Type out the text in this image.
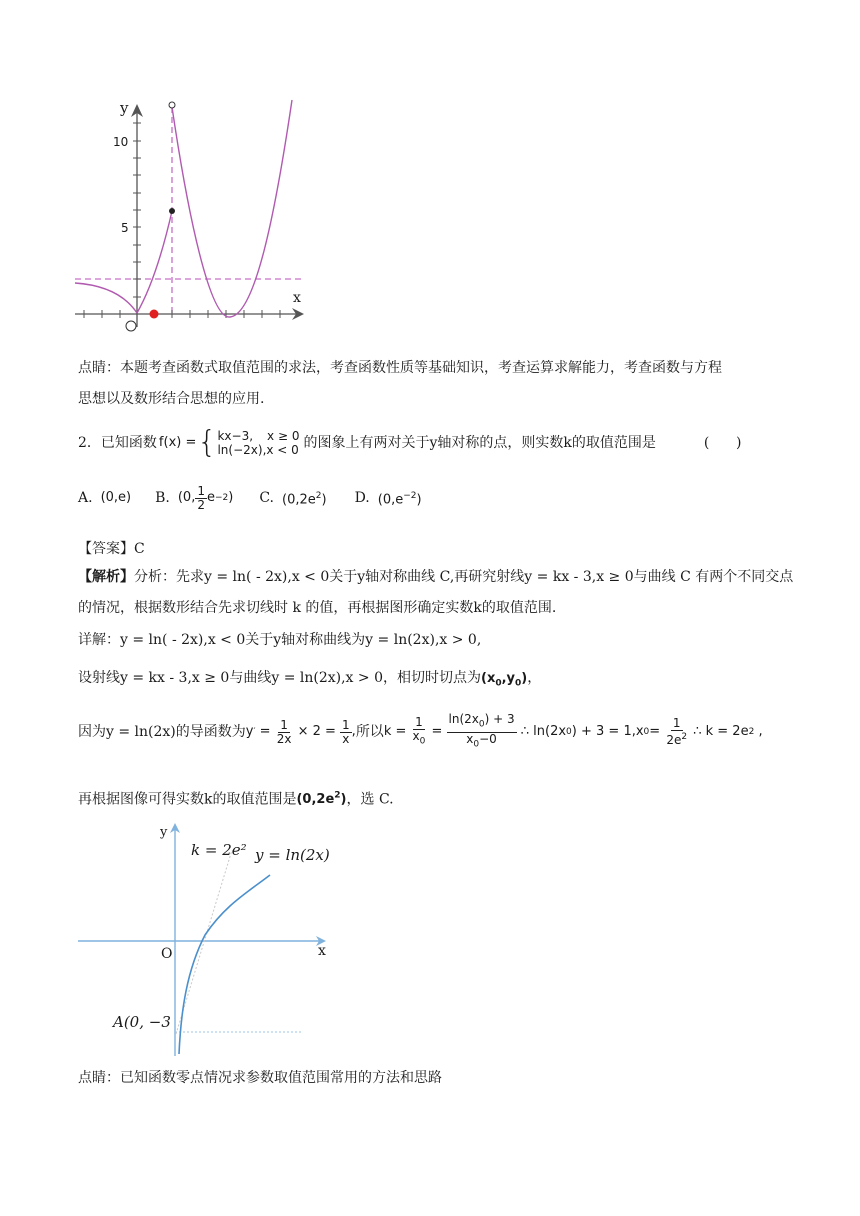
y
x
10
5
点睛：本题考查函数式取值范围的求法，考查函数性质等基础知识，考查运算求解能力，考查函数与方程
思想以及数形结合思想的应用.
2． 已知函数 f(x) = { kx−3, x ≥ 0
ln(−2x),x < 0 的图象上有两对关于y轴对称的点，则实数k的取值范围是	(      )
A. (0,e) B. (0, $\frac{1}{2}$ e −2 ) C. $(0,2e^2)$ D. $(0,e^{-2})$
【答案】C
【解析】分析：先求y = ln( - 2x),x < 0关于y轴对称曲线 C,再研究射线y = kx - 3,x ≥ 0与曲线 C 有两个不同交点
的情况，根据数形结合先求切线时 k 的值，再根据图形确定实数k的取值范围.
详解：y = ln( - 2x),x < 0关于y轴对称曲线为y = ln(2x),x > 0,
设射线y = kx - 3,x ≥ 0与曲线y = ln(2x),x > 0，相切时切点为$(x_0,y_0)$，
因为y = ln(2x)的导函数为 y ′ = $\frac{1}{2x} \times 2 = \frac{1}{x}$ , 所以 $k = \frac{1}{x_0} = \frac{\ln(2x_0) + 3}{x_0-0}$ ∴ ln(2x 0 ) + 3 = 1,x $0 = \frac{1}{2e^2}$ ∴ k = 2e 2 ,
再根据图像可得实数k的取值范围是$(0,2e^2)$，选 C.
y
x
O
y = ln(2x)
k = 2e²
A(0, −3
点睛：已知函数零点情况求参数取值范围常用的方法和思路
